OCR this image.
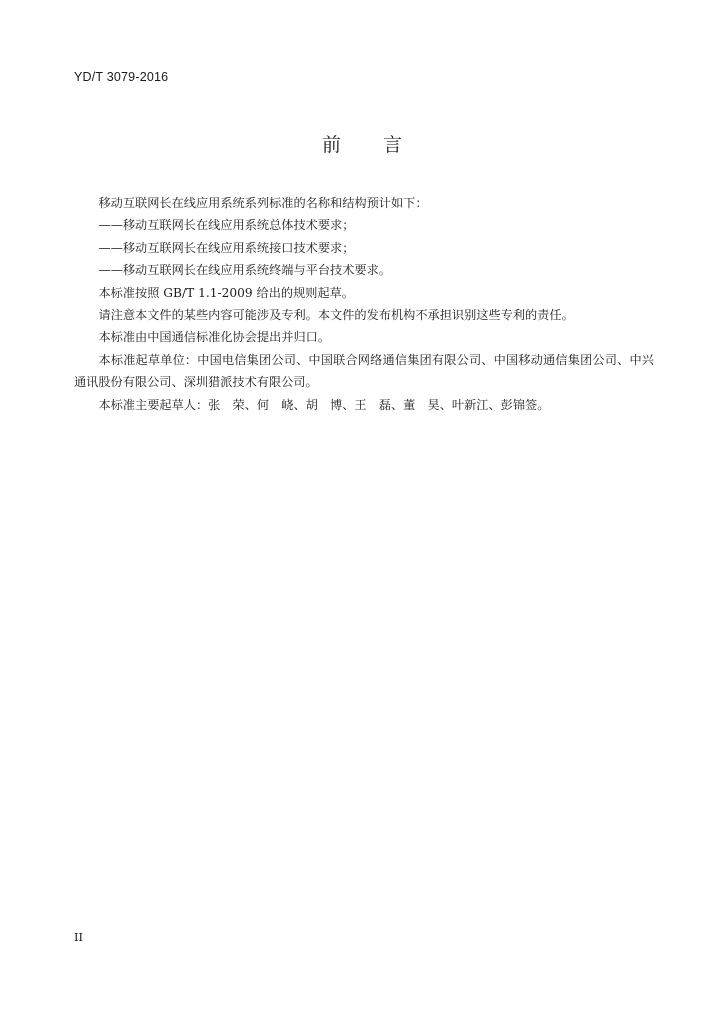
YD/T 3079-2016
前言
移动互联网长在线应用系统系列标准的名称和结构预计如下：
——移动互联网长在线应用系统总体技术要求；
——移动互联网长在线应用系统接口技术要求；
——移动互联网长在线应用系统终端与平台技术要求。
本标准按照 GB/T 1.1-2009 给出的规则起草。
请注意本文件的某些内容可能涉及专利。本文件的发布机构不承担识别这些专利的责任。
本标准由中国通信标准化协会提出并归口。
本标准起草单位：中国电信集团公司、中国联合网络通信集团有限公司、中国移动通信集团公司、中兴通讯股份有限公司、深圳猎派技术有限公司。
本标准主要起草人：张　荣、何　峣、胡　博、王　磊、董　昊、叶新江、彭锦签。
II
